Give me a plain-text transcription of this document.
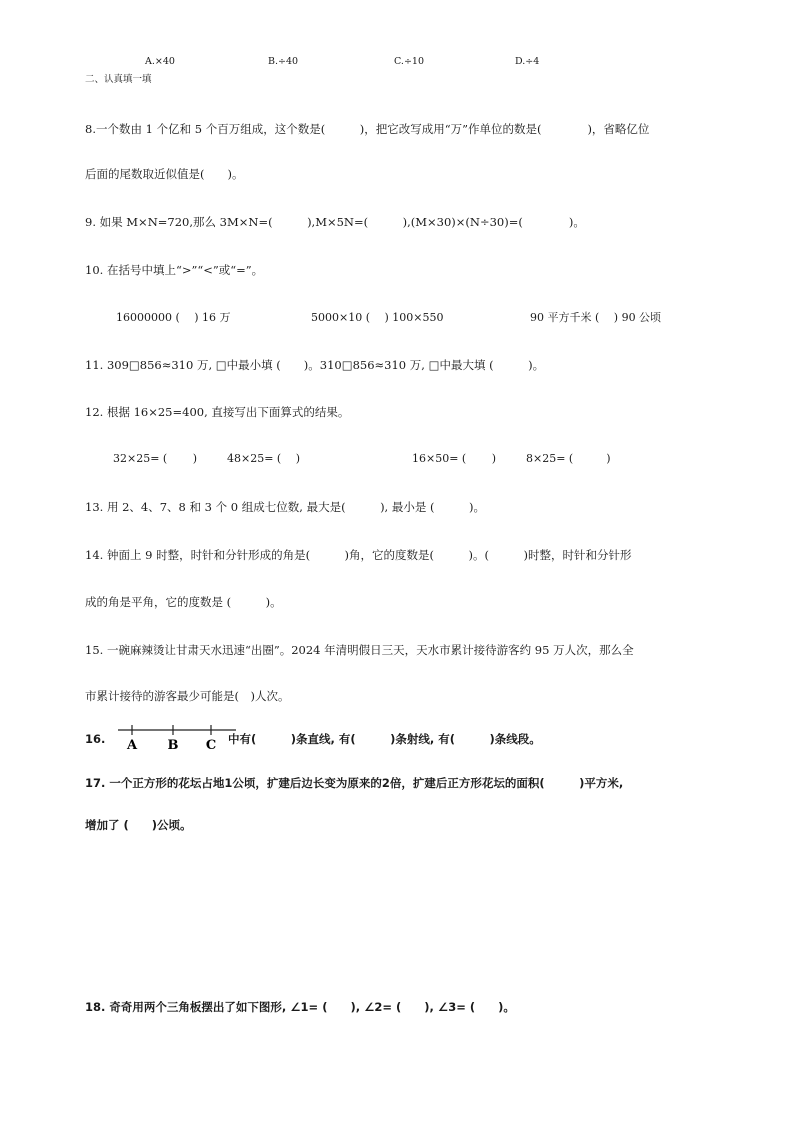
A.×40	B.÷40	C.÷10	D.÷4
二、认真填一填
8.一个数由 1 个亿和 5 个百万组成，这个数是(　　　)，把它改写成用“万”作单位的数是(　　　　)，省略亿位
后面的尾数取近似值是(　　)。
9. 如果 M×N=720,那么 3M×N=(　　　),M×5N=(　　　),(M×30)×(N÷30)=(　　　　)。
10. 在括号中填上“>”“<”或“=”。
16000000 (　 ) 16 万	5000×10 (　 ) 100×550	90 平方千米 (　 ) 90 公顷
11. 309□856≈310 万, □中最小填 (　　)。310□856≈310 万, □中最大填 (　　　)。
12. 根据 16×25=400, 直接写出下面算式的结果。
32×25= (　　 )	48×25= (　 )	16×50= (　　 )	8×25= (　　　)
13. 用 2、4、7、8 和 3 个 0 组成七位数, 最大是(　　　), 最小是 (　　　)。
14. 钟面上 9 时整，时针和分针形成的角是(　　　)角，它的度数是(　　　)。(　　　)时整，时针和分针形
成的角是平角，它的度数是 (　　　)。
15. 一碗麻辣烫让甘肃天水迅速“出圈”。2024 年清明假日三天，天水市累计接待游客约 95 万人次，那么全
市累计接待的游客最少可能是(　)人次。
16. A B C 中有(　　　)条直线, 有(　　　)条射线, 有(　　　)条线段。
17. 一个正方形的花坛占地1公顷，扩建后边长变为原来的2倍，扩建后正方形花坛的面积(　　　)平方米,
增加了 (　　)公顷。
18. 奇奇用两个三角板摆出了如下图形, ∠1= (　　), ∠2= (　　), ∠3= (　　)。
